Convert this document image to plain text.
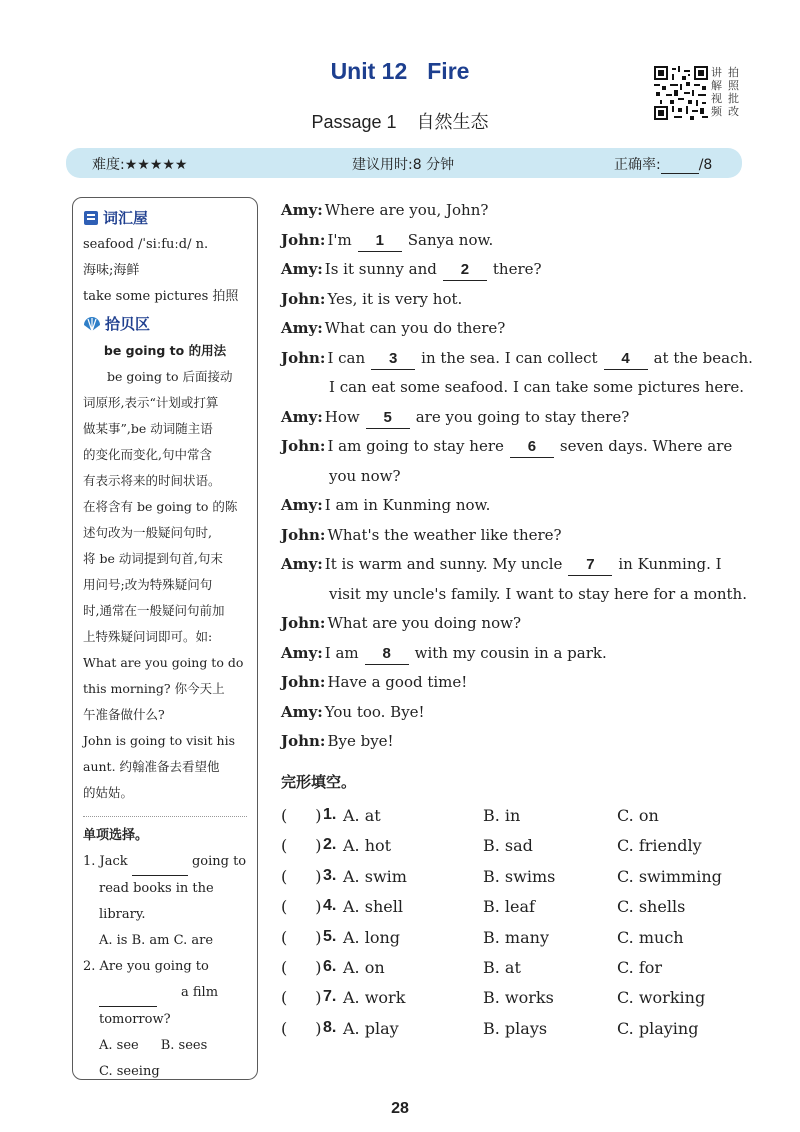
Unit 12 Fire
Passage 1 自然生态
讲 拍
解 照
视 批
频 改
难度:★★★★★	建议用时:8 分钟	正确率:	/8
词汇屋
seafood /ˈsiːfuːd/ n.
海味;海鲜
take some pictures 拍照
拾贝区
be going to 的用法
be going to 后面接动
词原形,表示“计划或打算
做某事”,be 动词随主语
的变化而变化,句中常含
有表示将来的时间状语。
在将含有 be going to 的陈
述句改为一般疑问句时,
将 be 动词提到句首,句末
用问号;改为特殊疑问句
时,通常在一般疑问句前加
上特殊疑问词即可。如:
What are you going to do
this morning? 你今天上
午准备做什么?
John is going to visit his
aunt. 约翰准备去看望他
的姑姑。
单项选择。
1. Jack	going to
read books in the library.
A. is B. am C. are
2. Are you going to
a film
tomorrow?
A. see B. sees
C. seeing
Amy: Where are you, John?
John: I'm 1 Sanya now.
Amy: Is it sunny and 2 there?
John: Yes, it is very hot.
Amy: What can you do there?
John: I can 3 in the sea. I can collect 4 at the beach.
I can eat some seafood. I can take some pictures here.
Amy: How 5 are you going to stay there?
John: I am going to stay here 6 seven days. Where are
you now?
Amy: I am in Kunming now.
John: What's the weather like there?
Amy: It is warm and sunny. My uncle 7 in Kunming. I
visit my uncle's family. I want to stay here for a month.
John: What are you doing now?
Amy: I am 8 with my cousin in a park.
John: Have a good time!
Amy: You too. Bye!
John: Bye bye!
完形填空。
( ) 1. A. at	B. in	C. on
( ) 2. A. hot	B. sad	C. friendly
( ) 3. A. swim	B. swims	C. swimming
( ) 4. A. shell	B. leaf	C. shells
( ) 5. A. long	B. many	C. much
( ) 6. A. on	B. at	C. for
( ) 7. A. work	B. works	C. working
( ) 8. A. play	B. plays	C. playing
28
